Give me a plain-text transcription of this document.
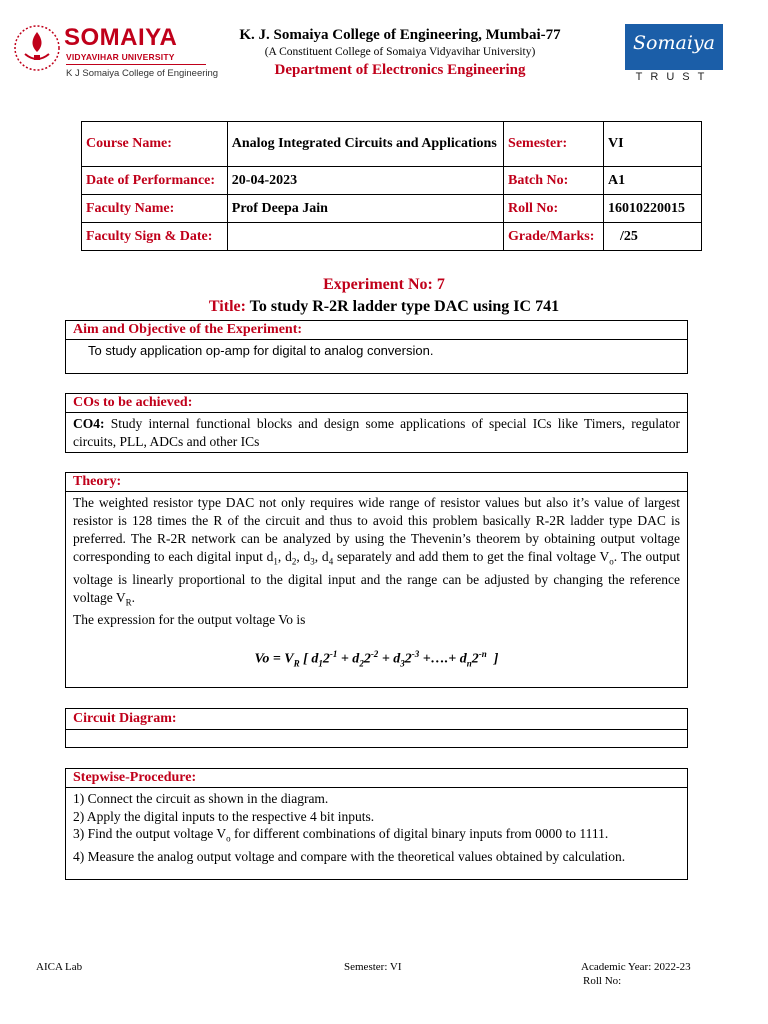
SOMAIYA
VIDYAVIHAR UNIVERSITY
K J Somaiya College of Engineering
K. J. Somaiya College of Engineering, Mumbai-77
(A Constituent College of Somaiya Vidyavihar University)
Department of Electronics Engineering
Somaiya
TRUST
Course Name:	Analog Integrated Circuits and Applications	Semester:	VI
Date of Performance:	20-04-2023	Batch No:	A1
Faculty Name:	Prof Deepa Jain	Roll No:	16010220015
Faculty Sign & Date:		Grade/Marks:	/25
Experiment No: 7
Title: To study R-2R ladder type DAC using IC 741
Aim and Objective of the Experiment:
To study application op-amp for digital to analog conversion.
COs to be achieved:
CO4: Study internal functional blocks and design some applications of special ICs like Timers, regulator circuits, PLL, ADCs and other ICs
Theory:
The weighted resistor type DAC not only requires wide range of resistor values but also it’s value of largest resistor is 128 times the R of the circuit and thus to avoid this problem basically R-2R ladder type DAC is preferred. The R-2R network can be analyzed by using the Thevenin’s theorem by obtaining output voltage corresponding to each digital input $d_1$, $d_2$, $d_3$, $d_4$ separately and add them to get the final voltage $V_o$. The output voltage is linearly proportional to the digital input and the range can be adjusted by changing the reference voltage $V_R$.
The expression for the output voltage Vo is
$Vo = V_R$ [ $d_12^{-1} + d_22^{-2} + d_32^{-3}$ +….+ $d_n2^{-n}$  ]
Circuit Diagram:
Stepwise-Procedure:
1) Connect the circuit as shown in the diagram.
2) Apply the digital inputs to the respective 4 bit inputs.
3) Find the output voltage $V_o$ for different combinations of digital binary inputs from 0000 to 1111.
4) Measure the analog output voltage and compare with the theoretical values obtained by calculation.
AICA Lab	Semester: VI	Academic Year: 2022-23
Roll No:
